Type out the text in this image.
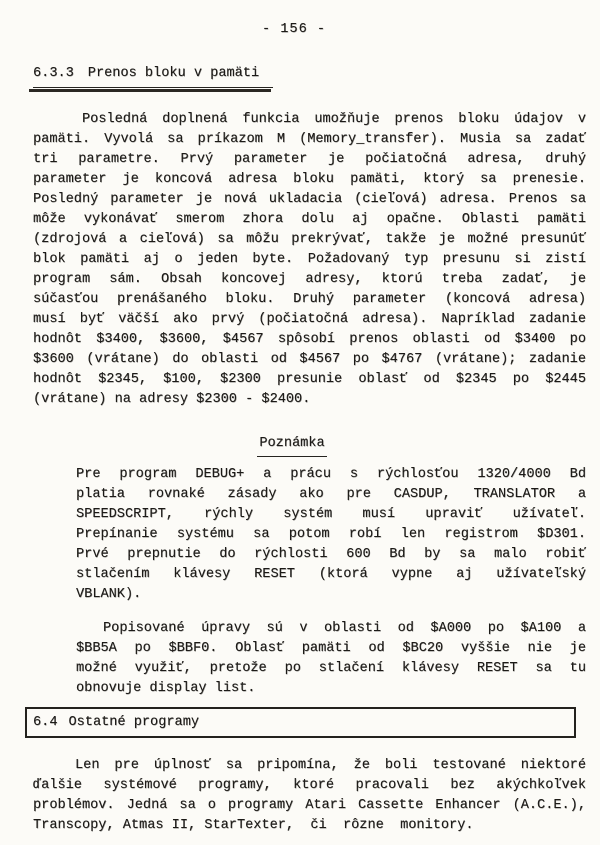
- 156 -
6.3.3 Prenos bloku v pamäti
Posledná doplnená funkcia umožňuje prenos bloku údajov v
pamäti. Vyvolá sa príkazom M (Memory_transfer). Musia sa zadať
tri parametre. Prvý parameter je počiatočná adresa, druhý
parameter je koncová adresa bloku pamäti, ktorý sa prenesie.
Posledný parameter je nová ukladacia (cieľová) adresa. Prenos sa
môže vykonávať smerom zhora dolu aj opačne. Oblasti pamäti
(zdrojová a cieľová) sa môžu prekrývať, takže je možné presunúť
blok pamäti aj o jeden byte. Požadovaný typ presunu si zistí
program sám. Obsah koncovej adresy, ktorú treba zadať, je
súčasťou prenášaného bloku. Druhý parameter (koncová adresa)
musí byť väčší ako prvý (počiatočná adresa). Napríklad zadanie
hodnôt $3400, $3600, $4567 spôsobí prenos oblasti od $3400 po
$3600 (vrátane) do oblasti od $4567 po $4767 (vrátane); zadanie
hodnôt $2345, $100, $2300 presunie oblasť od $2345 po $2445
(vrátane) na adresy $2300 - $2400.
Poznámka
Pre program DEBUG+ a prácu s rýchlosťou 1320/4000 Bd
platia rovnaké zásady ako pre CASDUP, TRANSLATOR a
SPEEDSCRIPT, rýchly systém musí upraviť užívateľ.
Prepínanie systému sa potom robí len registrom $D301.
Prvé prepnutie do rýchlosti 600 Bd by sa malo robiť
stlačením klávesy RESET (ktorá vypne aj užívateľský
VBLANK).
Popisované úpravy sú v oblasti od $A000 po $A100 a
$BB5A po $BBF0. Oblasť pamäti od $BC20 vyššie nie je
možné využiť, pretože po stlačení klávesy RESET sa tu
obnovuje display list.
6.4 Ostatné programy
Len pre úplnosť sa pripomína, že boli testované niektoré
ďalšie systémové programy, ktoré pracovali bez akýchkoľvek
problémov. Jedná sa o programy Atari Cassette Enhancer (A.C.E.),
Transcopy, Atmas II, StarTexter,  či  rôzne  monitory.
